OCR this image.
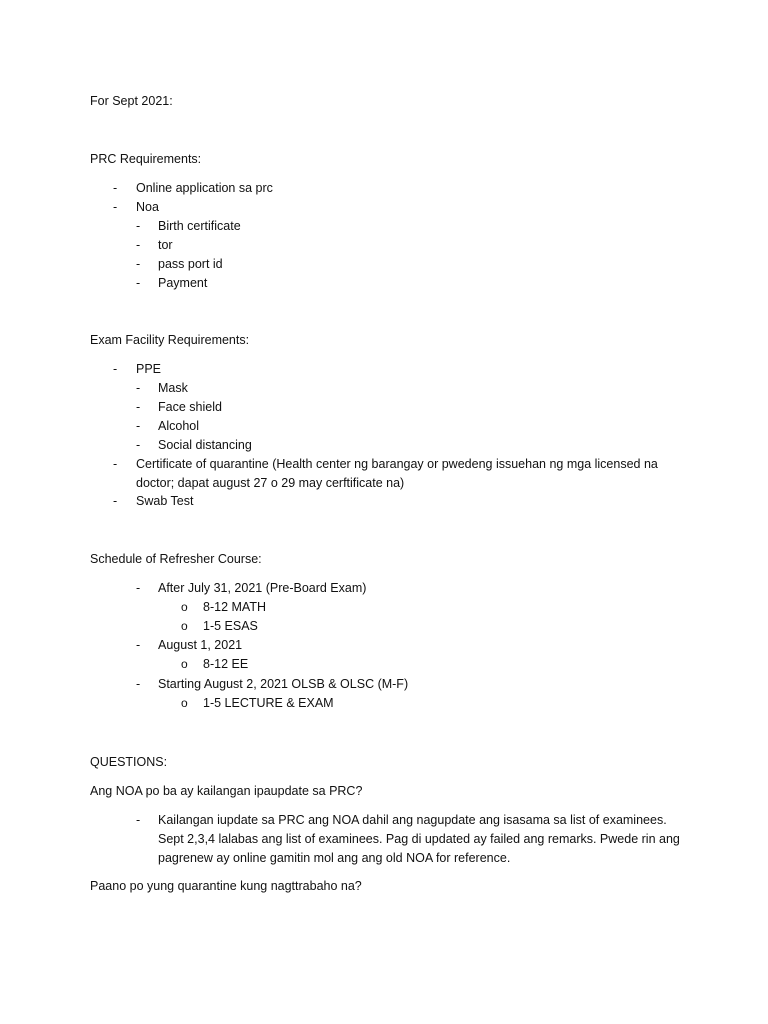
For Sept 2021:
PRC Requirements:
- Online application sa prc
- Noa
- Birth certificate
- tor
- pass port id
- Payment
Exam Facility Requirements:
- PPE
- Mask
- Face shield
- Alcohol
- Social distancing
- Certificate of quarantine (Health center ng barangay or pwedeng issuehan ng mga licensed na doctor; dapat august 27 o 29 may cerftificate na)
- Swab Test
Schedule of Refresher Course:
- After July 31, 2021 (Pre-Board Exam)
o 8-12 MATH
o 1-5 ESAS
- August 1, 2021
o 8-12 EE
- Starting August 2, 2021 OLSB & OLSC (M-F)
o 1-5 LECTURE & EXAM
QUESTIONS:
Ang NOA po ba ay kailangan ipaupdate sa PRC?
- Kailangan iupdate sa PRC ang NOA dahil ang nagupdate ang isasama sa list of examinees. Sept 2,3,4 lalabas ang list of examinees. Pag di updated ay failed ang remarks. Pwede rin ang pagrenew ay online gamitin mol ang ang old NOA for reference.
Paano po yung quarantine kung nagttrabaho na?
